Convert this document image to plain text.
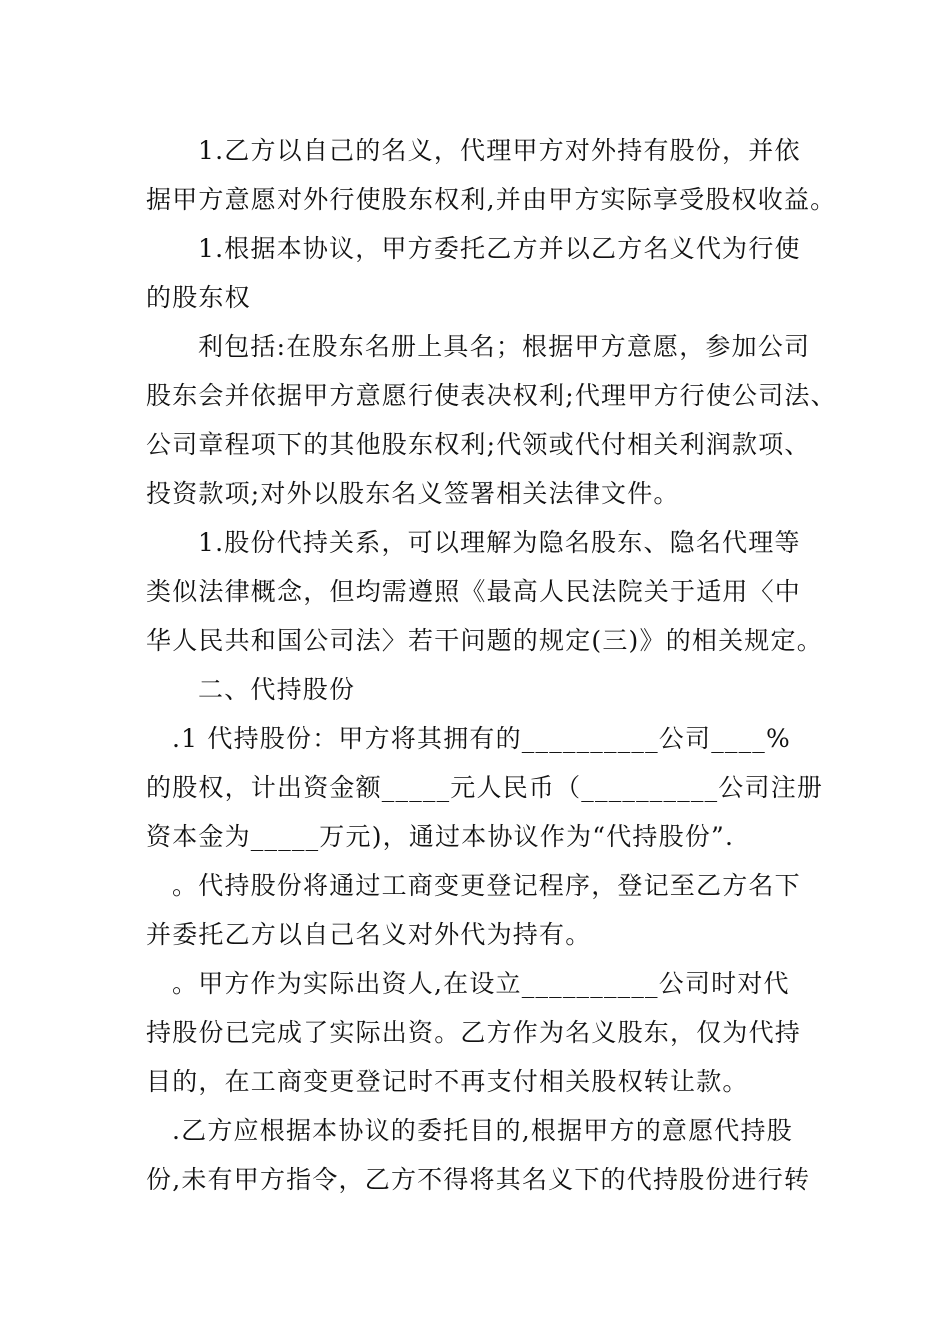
1.乙方以自己的名义，代理甲方对外持有股份，并依
据甲方意愿对外行使股东权利,并由甲方实际享受股权收益。
1.根据本协议，甲方委托乙方并以乙方名义代为行使
的股东权
利包括:在股东名册上具名；根据甲方意愿，参加公司
股东会并依据甲方意愿行使表决权利;代理甲方行使公司法、
公司章程项下的其他股东权利;代领或代付相关利润款项、
投资款项;对外以股东名义签署相关法律文件。
1.股份代持关系，可以理解为隐名股东、隐名代理等
类似法律概念，但均需遵照《最高人民法院关于适用〈中
华人民共和国公司法〉若干问题的规定(三)》的相关规定。
二、代持股份
.1 代持股份：甲方将其拥有的__________公司____%
的股权，计出资金额_____元人民币（__________公司注册
资本金为_____万元)，通过本协议作为“代持股份”.
。代持股份将通过工商变更登记程序，登记至乙方名下
并委托乙方以自己名义对外代为持有。
。甲方作为实际出资人,在设立__________公司时对代
持股份已完成了实际出资。乙方作为名义股东，仅为代持
目的，在工商变更登记时不再支付相关股权转让款。
.乙方应根据本协议的委托目的,根据甲方的意愿代持股
份,未有甲方指令，乙方不得将其名义下的代持股份进行转
